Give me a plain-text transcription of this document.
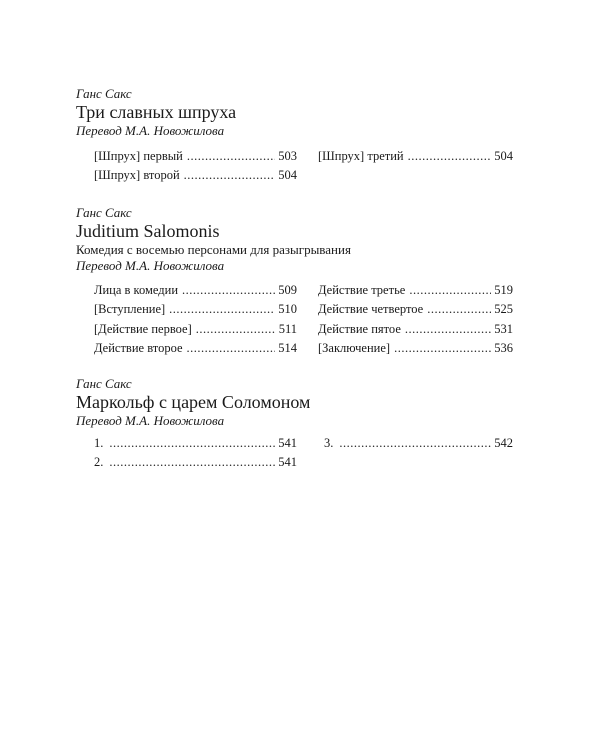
Ганс Сакс
Три славных шпруха
Перевод М.А. Новожилова
[Шпрух] первый .....	503
[Шпрух] второй .....	504
[Шпрух] третий .....	504
Ганс Сакс
Juditium Salomonis
Комедия с восемью персонами для разыгрывания
Перевод М.А. Новожилова
Лица в комедии .....	509
[Вступление] .....	510
[Действие первое] .....	511
Действие второе .....	514
Действие третье .....	519
Действие четвертое .....	525
Действие пятое .....	531
[Заключение] .....	536
Ганс Сакс
Маркольф с царем Соломоном
Перевод М.А. Новожилова
1. .....	541
2. .....	541
3. .....	542
